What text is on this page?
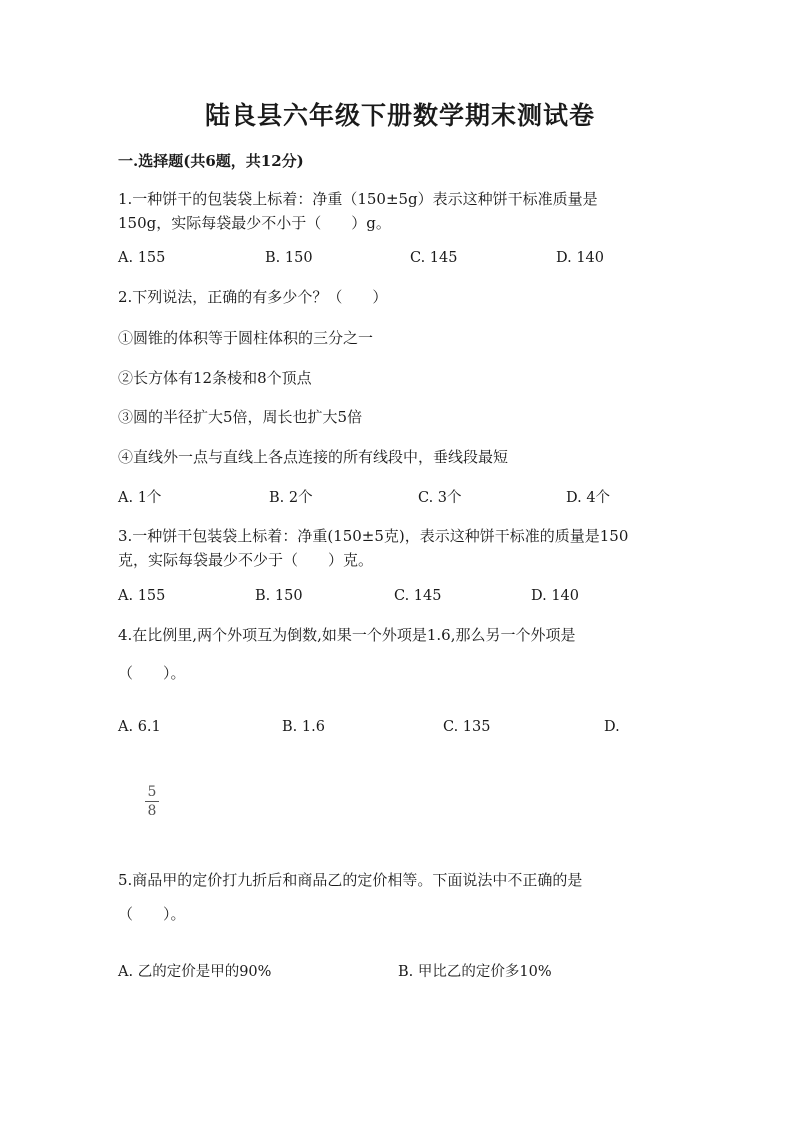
陆良县六年级下册数学期末测试卷
一.选择题(共6题，共12分)

1.一种饼干的包装袋上标着：净重（150±5g）表示这种饼干标准质量是

150g，实际每袋最少不小于（　　）g。

A. 155	B. 150	C. 145	D. 140

2.下列说法，正确的有多少个？（　　）

①圆锥的体积等于圆柱体积的三分之一

②长方体有12条棱和8个顶点

③圆的半径扩大5倍，周长也扩大5倍

④直线外一点与直线上各点连接的所有线段中，垂线段最短

A. 1个	B. 2个	C. 3个	D. 4个

3.一种饼干包装袋上标着：净重(150±5克)，表示这种饼干标准的质量是150

克，实际每袋最少不少于（　　）克。

A. 155	B. 150	C. 145	D. 140

4.在比例里,两个外项互为倒数,如果一个外项是1.6,那么另一个外项是

（　　）。

A. 6.1	B. 1.6	C. 135	D.
$\frac{5}{8}$

5.商品甲的定价打九折后和商品乙的定价相等。下面说法中不正确的是

（　　）。

A. 乙的定价是甲的90%	B. 甲比乙的定价多10%
